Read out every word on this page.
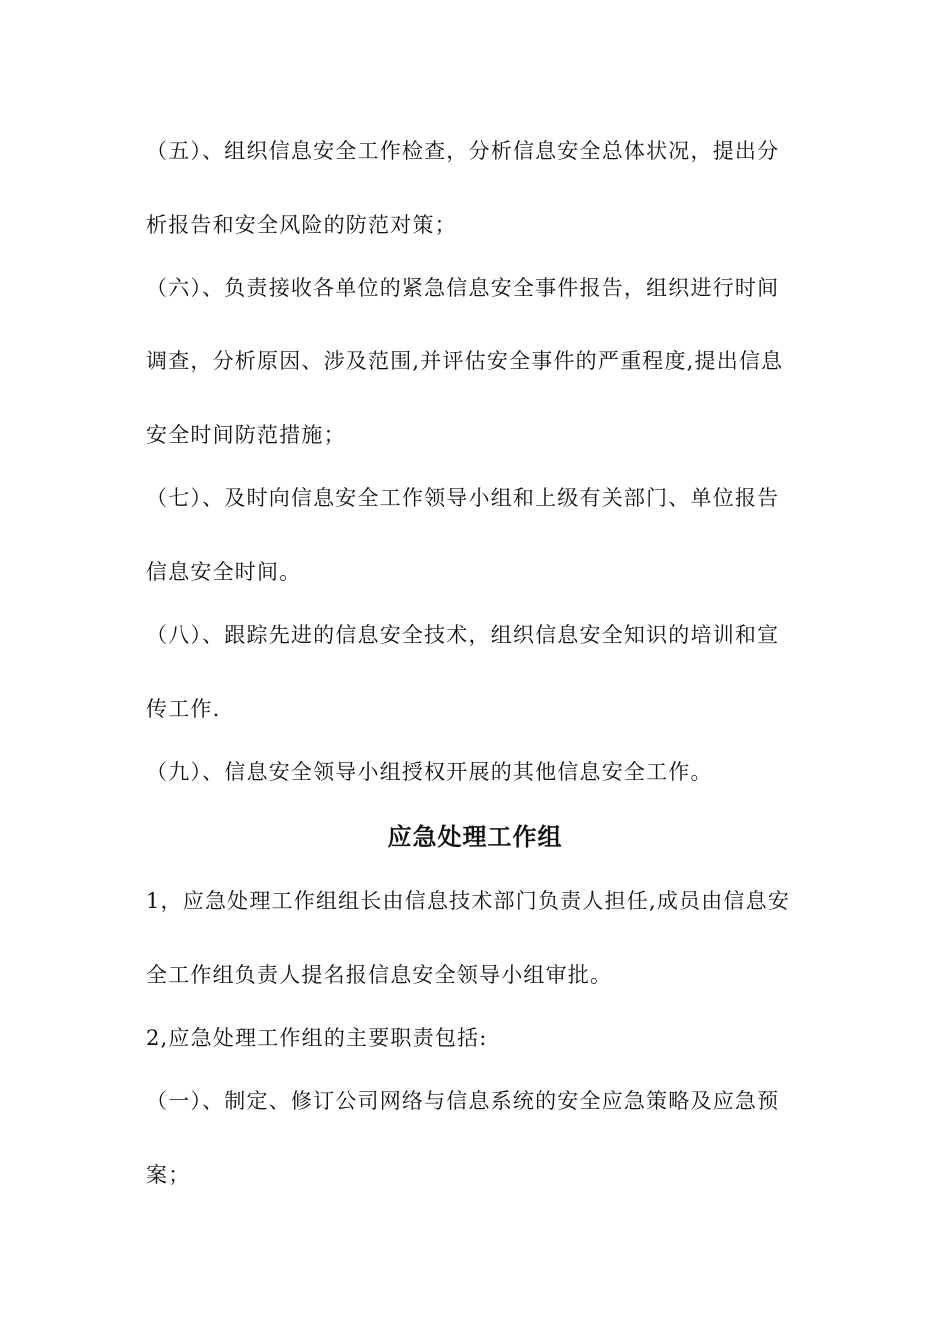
（五）、组织信息安全工作检查，分析信息安全总体状况，提出分
析报告和安全风险的防范对策；
（六）、负责接收各单位的紧急信息安全事件报告，组织进行时间
调查，分析原因、涉及范围,并评估安全事件的严重程度,提出信息
安全时间防范措施；
（七）、及时向信息安全工作领导小组和上级有关部门、单位报告
信息安全时间。
（八）、跟踪先进的信息安全技术，组织信息安全知识的培训和宣
传工作.
（九）、信息安全领导小组授权开展的其他信息安全工作。
应急处理工作组
1，应急处理工作组组长由信息技术部门负责人担任,成员由信息安
全工作组负责人提名报信息安全领导小组审批。
2,应急处理工作组的主要职责包括:
（一）、制定、修订公司网络与信息系统的安全应急策略及应急预
案；
